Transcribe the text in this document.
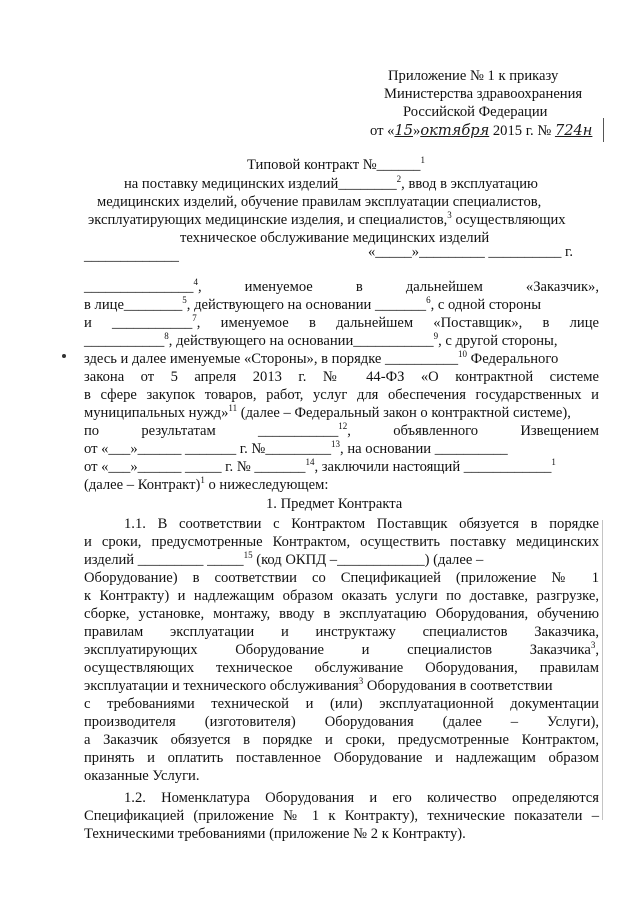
Приложение № 1 к приказу
Министерства здравоохранения
Российской Федерации
от «15»октября 2015 г. № 724н
Типовой контракт №______$^1$
на поставку медицинских изделий________$^2$, ввод в эксплуатацию
медицинских изделий, обучение правилам эксплуатации специалистов,
эксплуатирующих медицинские изделия, и специалистов,$^3$ осуществляющих
техническое обслуживание медицинских изделий
_____________	«_____»_________ __________ г.
_______________$^4$, именуемое в дальнейшем «Заказчик»,
в лице________$^5$, действующего на основании _______$^6$, с одной стороны
и ___________$^7$, именуемое в дальнейшем «Поставщик», в лице
___________$^8$, действующего на основании___________$^9$, с другой стороны,
здесь и далее именуемые «Стороны», в порядке __________$^{10}$ Федерального
закона от 5 апреля 2013 г. № 44-ФЗ «О контрактной системе
в сфере закупок товаров, работ, услуг для обеспечения государственных и
муниципальных нужд»$^{11}$ (далее – Федеральный закон о контрактной системе),
по результатам ___________$^{12}$, объявленного Извещением
от «___»______ _______ г. №_________$^{13}$, на основании __________
от «___»______ _____ г. № _______$^{14}$, заключили настоящий ____________$^1$
(далее – Контракт)$^1$ о нижеследующем:
1. Предмет Контракта
1.1. В соответствии с Контрактом Поставщик обязуется в порядке
и сроки, предусмотренные Контрактом, осуществить поставку медицинских
изделий _________ _____$^{15}$ (код ОКПД –____________) (далее –
Оборудование) в соответствии со Спецификацией (приложение № 1
к Контракту) и надлежащим образом оказать услуги по доставке, разгрузке,
сборке, установке, монтажу, вводу в эксплуатацию Оборудования, обучению
правилам эксплуатации и инструктажу специалистов Заказчика,
эксплуатирующих Оборудование и специалистов Заказчика$^3$,
осуществляющих техническое обслуживание Оборудования, правилам
эксплуатации и технического обслуживания$^3$ Оборудования в соответствии
с требованиями технической и (или) эксплуатационной документации
производителя (изготовителя) Оборудования (далее – Услуги),
а Заказчик обязуется в порядке и сроки, предусмотренные Контрактом,
принять и оплатить поставленное Оборудование и надлежащим образом
оказанные Услуги.
1.2. Номенклатура Оборудования и его количество определяются
Спецификацией (приложение № 1 к Контракту), технические показатели –
Техническими требованиями (приложение № 2 к Контракту).
